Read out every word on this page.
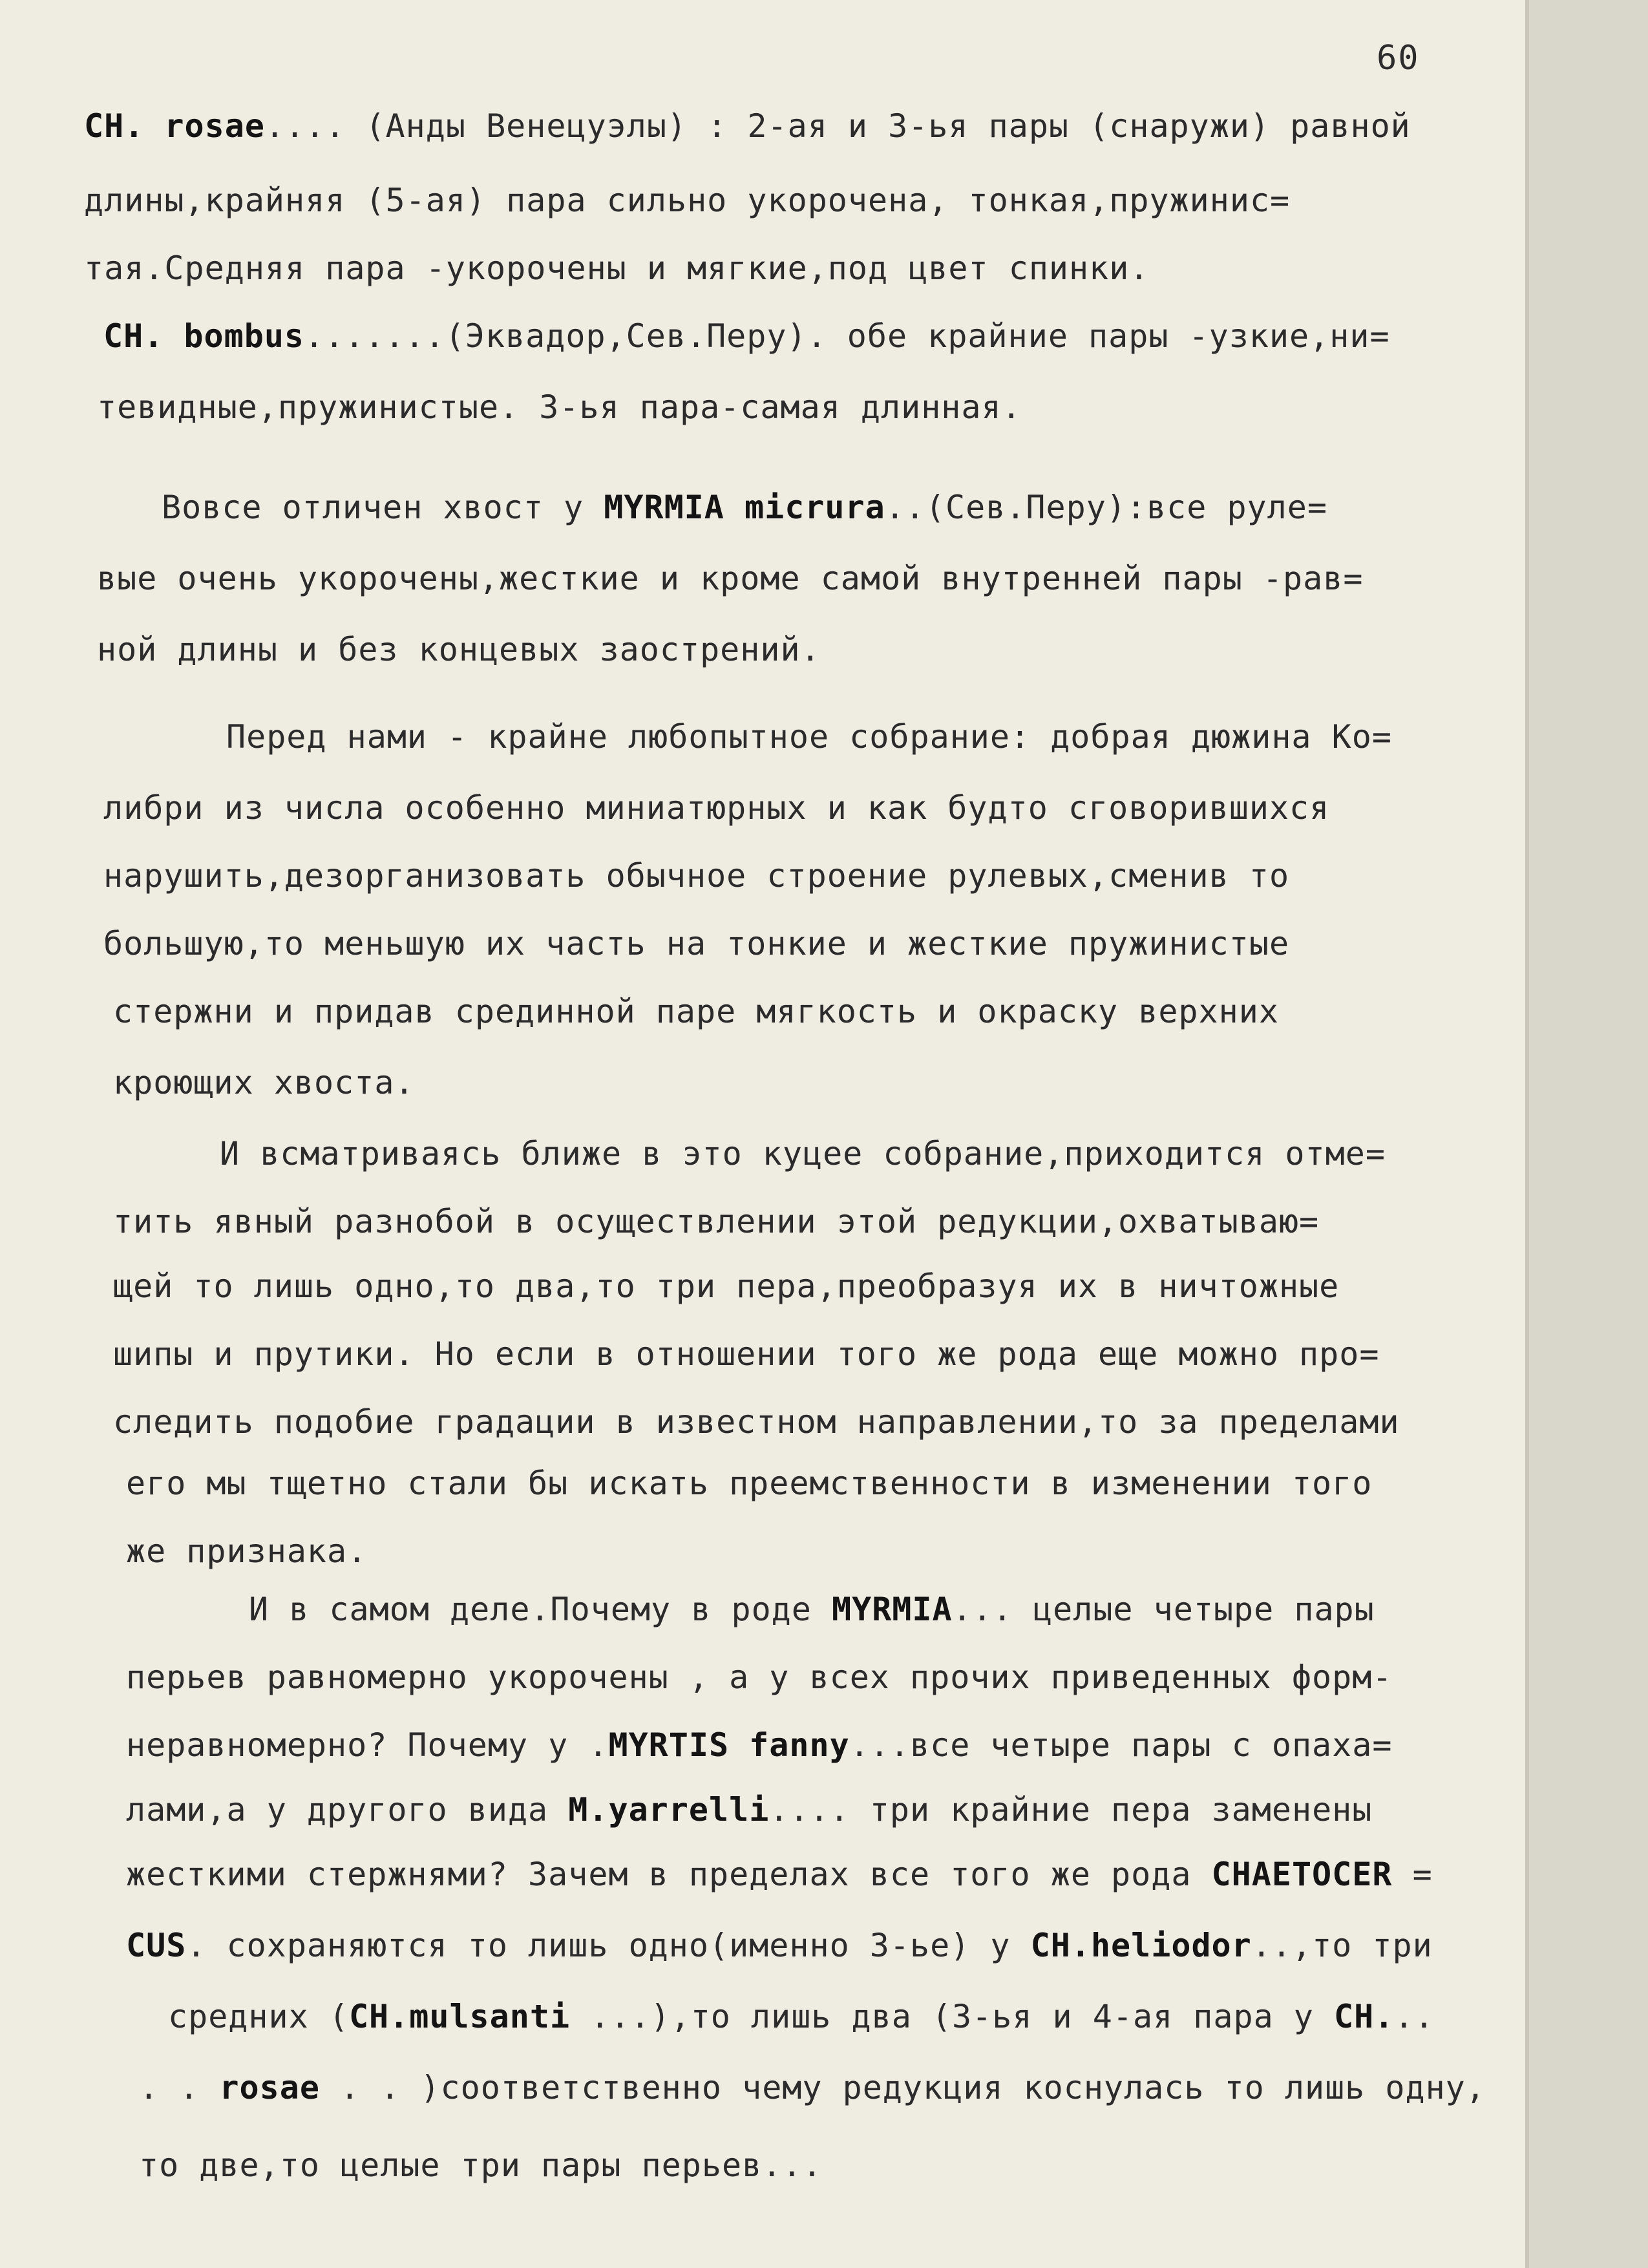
60

CH. rosae.... (Анды Венецуэлы) : 2-ая и 3-ья пары (снаружи) равной
длины,крайняя (5-ая) пара сильно укорочена, тонкая,пружинис=
тая.Средняя пара -укорочены и мягкие,под цвет спинки.
CH. bombus.......(Эквадор,Сев.Перу). обе крайние пары -узкие,ни=
тевидные,пружинистые. 3-ья пара-самая длинная.
Вовсе отличен хвост у MYRMIA micrura..(Сев.Перу):все руле=
вые очень укорочены,жесткие и кроме самой внутренней пары -рав=
ной длины и без концевых заострений.
Перед нами - крайне любопытное собрание: добрая дюжина Ко=
либри из числа особенно миниатюрных и как будто сговорившихся
нарушить,дезорганизовать обычное строение рулевых,сменив то
большую,то меньшую их часть на тонкие и жесткие пружинистые
стержни и придав срединной паре мягкость и окраску верхних
кроющих хвоста.
И всматриваясь ближе в это куцее собрание,приходится отме=
тить явный разнобой в осуществлении этой редукции,охватываю=
щей то лишь одно,то два,то три пера,преобразуя их в ничтожные
шипы и прутики. Но если в отношении того же рода еще можно про=
следить подобие градации в известном направлении,то за пределами
его мы тщетно стали бы искать преемственности в изменении того
же признака.
И в самом деле.Почему в роде MYRMIA... целые четыре пары
перьев равномерно укорочены , а у всех прочих приведенных форм-
неравномерно? Почему у .MYRTIS fanny...все четыре пары с опаха=
лами,а у другого вида M.yarrelli.... три крайние пера заменены
жесткими стержнями? Зачем в пределах все того же рода CHAETOCER =
CUS. сохраняются то лишь одно(именно 3-ье) у CH.heliodor..,то три
средних (CH.mulsanti ...),то лишь два (3-ья и 4-ая пара у CH...
. . rosae . . )соответственно чему редукция коснулась то лишь одну,
то две,то целые три пары перьев...
